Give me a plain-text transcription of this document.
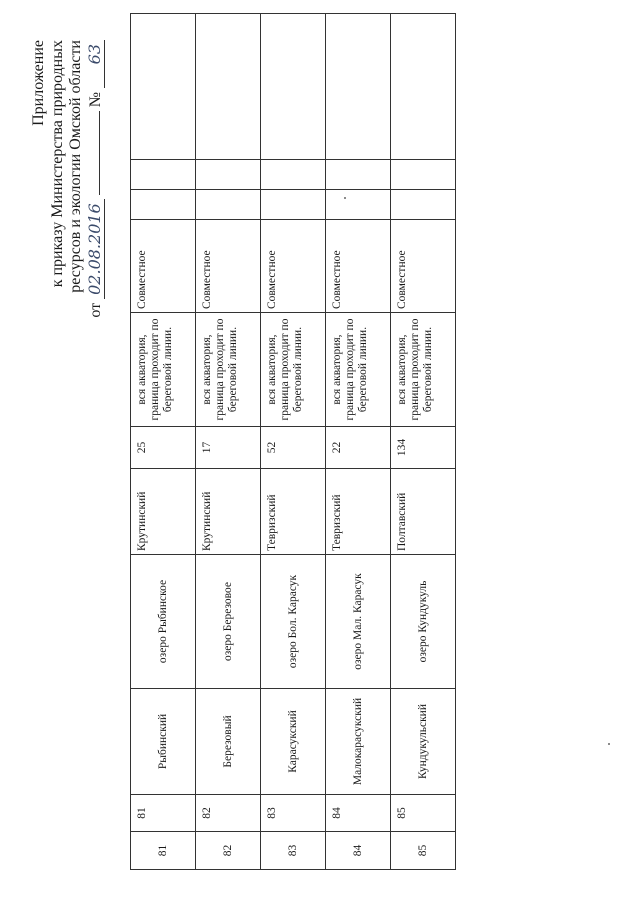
Приложение к приказу Министерства природных ресурсов и экологии Омской области
от 02.08.2016  № 63
81	81	Рыбинский	озеро Рыбинское	Крутинский	25	вся акватория, граница проходит по береговой линии.	Совместное			
82	82	Березовый	озеро Березовое	Крутинский	17	вся акватория, граница проходит по береговой линии.	Совместное			
83	83	Карасукский	озеро Бол. Карасук	Тевризский	52	вся акватория, граница проходит по береговой линии.	Совместное			
84	84	Малокарасукский	озеро Мал. Карасук	Тевризский	22	вся акватория, граница проходит по береговой линии.	Совместное			
85	85	Кундукульский	озеро Кундукуль	Полтавский	134	вся акватория, граница проходит по береговой линии.	Совместное			
